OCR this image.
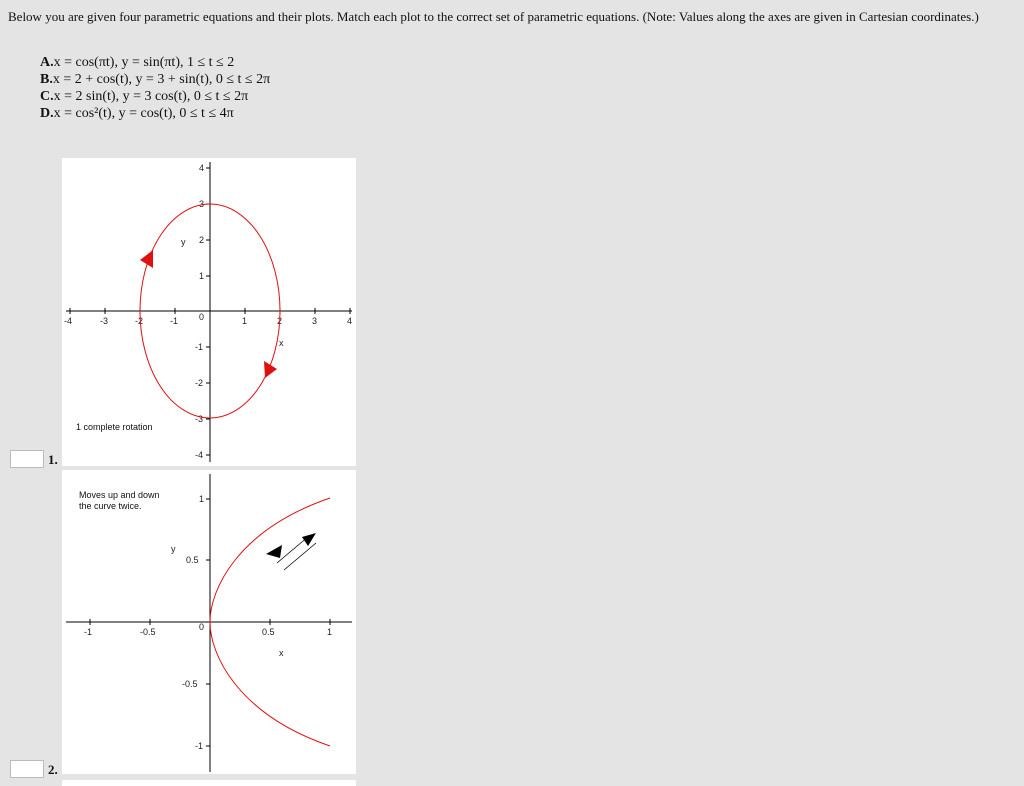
Below you are given four parametric equations and their plots. Match each plot to the correct set of parametric equations. (Note: Values along the axes are given in Cartesian coordinates.)
A.x = cos(πt), y = sin(πt), 1 ≤ t ≤ 2
B.x = 2 + cos(t), y = 3 + sin(t), 0 ≤ t ≤ 2π
C.x = 2 sin(t), y = 3 cos(t), 0 ≤ t ≤ 2π
D.x = cos²(t), y = cos(t), 0 ≤ t ≤ 4π
-4	-3	-2	-1 0	1	2	3	4
4
3
2
1
-1
-2
-3
-4
y
x
1 complete rotation
1.
-1	-0.5	0	0.5	1
1
0.5
-0.5
-1
y
x
Moves up and down
the curve twice.
2.
